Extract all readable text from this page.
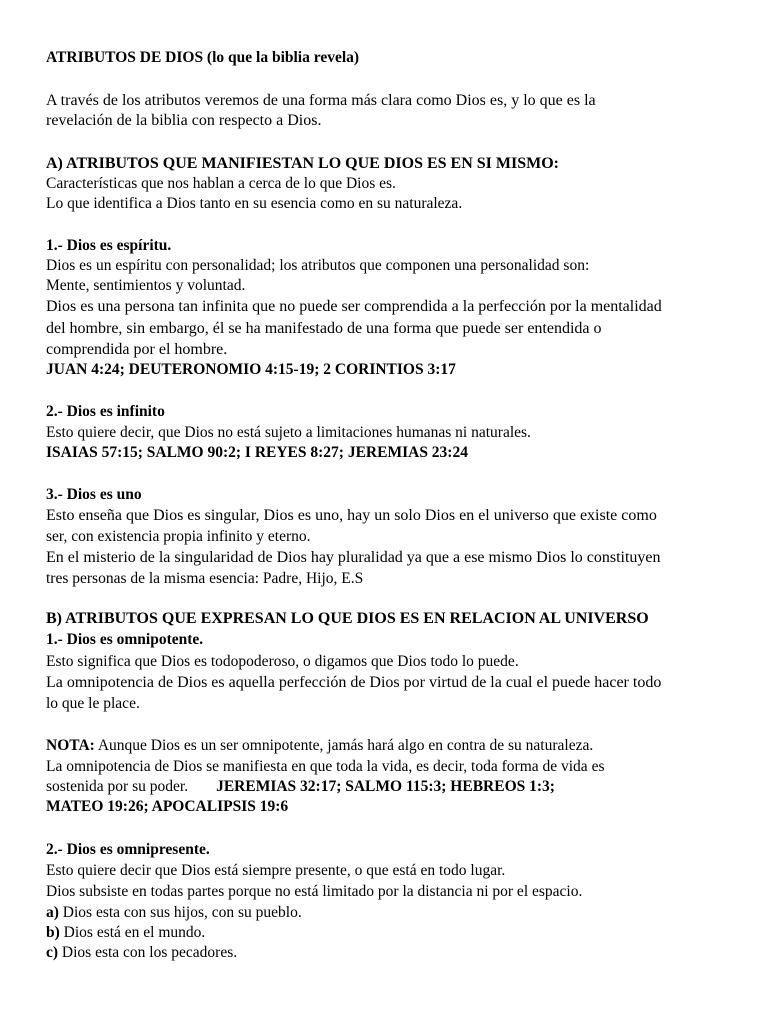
ATRIBUTOS DE DIOS (lo que la biblia revela)
A través de los atributos veremos de una forma más clara como Dios es, y lo que es la
revelación de la biblia con respecto a Dios.
A) ATRIBUTOS QUE MANIFIESTAN LO QUE DIOS ES EN SI MISMO:
Características que nos hablan a cerca de lo que Dios es.
Lo que identifica a Dios tanto en su esencia como en su naturaleza.
1.- Dios es espíritu.
Dios es un espíritu con personalidad; los atributos que componen una personalidad son:
Mente, sentimientos y voluntad.
Dios es una persona tan infinita que no puede ser comprendida a la perfección por la mentalidad
del hombre, sin embargo, él se ha manifestado de una forma que puede ser entendida o
comprendida por el hombre.
JUAN 4:24; DEUTERONOMIO 4:15-19; 2 CORINTIOS 3:17
2.- Dios es infinito
Esto quiere decir, que Dios no está sujeto a limitaciones humanas ni naturales.
ISAIAS 57:15; SALMO 90:2; I REYES 8:27; JEREMIAS 23:24
3.- Dios es uno
Esto enseña que Dios es singular, Dios es uno, hay un solo Dios en el universo que existe como
ser, con existencia propia infinito y eterno.
En el misterio de la singularidad de Dios hay pluralidad ya que a ese mismo Dios lo constituyen
tres personas de la misma esencia: Padre, Hijo, E.S
B) ATRIBUTOS QUE EXPRESAN LO QUE DIOS ES EN RELACION AL UNIVERSO
1.- Dios es omnipotente.
Esto significa que Dios es todopoderoso, o digamos que Dios todo lo puede.
La omnipotencia de Dios es aquella perfección de Dios por virtud de la cual el puede hacer todo
lo que le place.
NOTA: Aunque Dios es un ser omnipotente, jamás hará algo en contra de su naturaleza.
La omnipotencia de Dios se manifiesta en que toda la vida, es decir, toda forma de vida es
sostenida por su poder. JEREMIAS 32:17; SALMO 115:3; HEBREOS 1:3;
MATEO 19:26; APOCALIPSIS 19:6
2.- Dios es omnipresente.
Esto quiere decir que Dios está siempre presente, o que está en todo lugar.
Dios subsiste en todas partes porque no está limitado por la distancia ni por el espacio.
a) Dios esta con sus hijos, con su pueblo.
b) Dios está en el mundo.
c) Dios esta con los pecadores.
